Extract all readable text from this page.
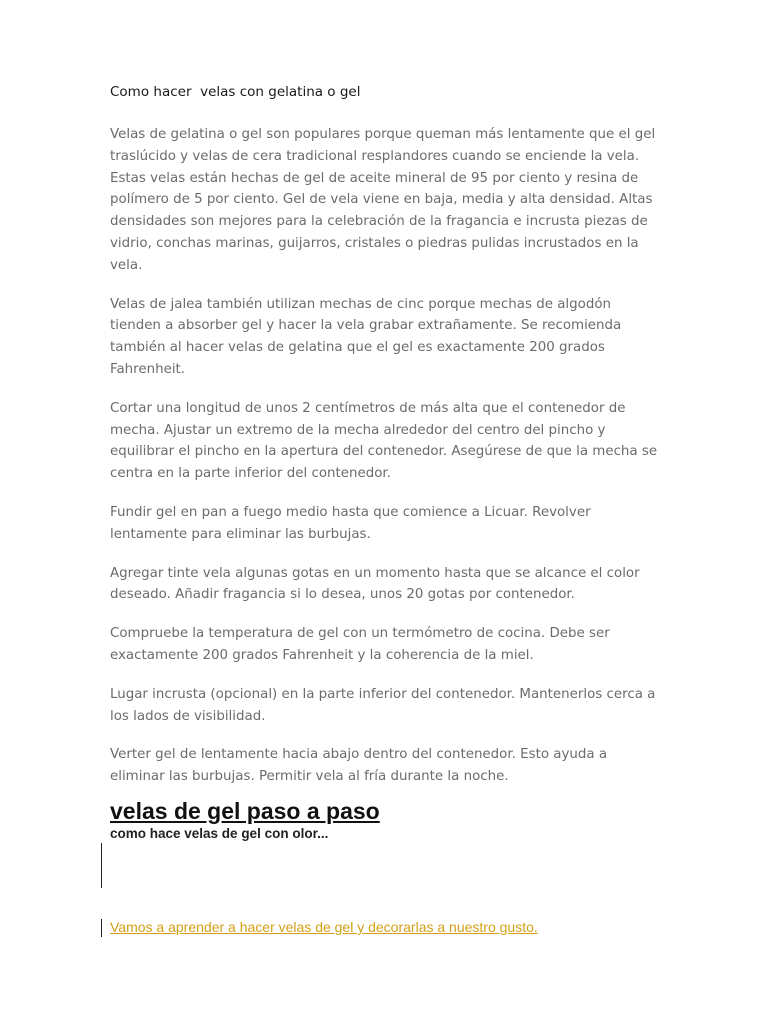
Como hacer  velas con gelatina o gel

Velas de gelatina o gel son populares porque queman más lentamente que el gel traslúcido y velas de cera tradicional resplandores cuando se enciende la vela. Estas velas están hechas de gel de aceite mineral de 95 por ciento y resina de polímero de 5 por ciento. Gel de vela viene en baja, media y alta densidad. Altas densidades son mejores para la celebración de la fragancia e incrusta piezas de vidrio, conchas marinas, guijarros, cristales o piedras pulidas incrustados en la vela.

Velas de jalea también utilizan mechas de cinc porque mechas de algodón tienden a absorber gel y hacer la vela grabar extrañamente. Se recomienda también al hacer velas de gelatina que el gel es exactamente 200 grados Fahrenheit.

Cortar una longitud de unos 2 centímetros de más alta que el contenedor de mecha. Ajustar un extremo de la mecha alrededor del centro del pincho y equilibrar el pincho en la apertura del contenedor. Asegúrese de que la mecha se centra en la parte inferior del contenedor.

Fundir gel en pan a fuego medio hasta que comience a Licuar. Revolver lentamente para eliminar las burbujas.

Agregar tinte vela algunas gotas en un momento hasta que se alcance el color deseado. Añadir fragancia si lo desea, unos 20 gotas por contenedor.

Compruebe la temperatura de gel con un termómetro de cocina. Debe ser exactamente 200 grados Fahrenheit y la coherencia de la miel.

Lugar incrusta (opcional) en la parte inferior del contenedor. Mantenerlos cerca a los lados de visibilidad.

Verter gel de lentamente hacia abajo dentro del contenedor. Esto ayuda a eliminar las burbujas. Permitir vela al fría durante la noche.

velas de gel paso a paso
como hace velas de gel con olor...
Vamos a aprender a hacer velas de gel y decorarlas a nuestro gusto.
